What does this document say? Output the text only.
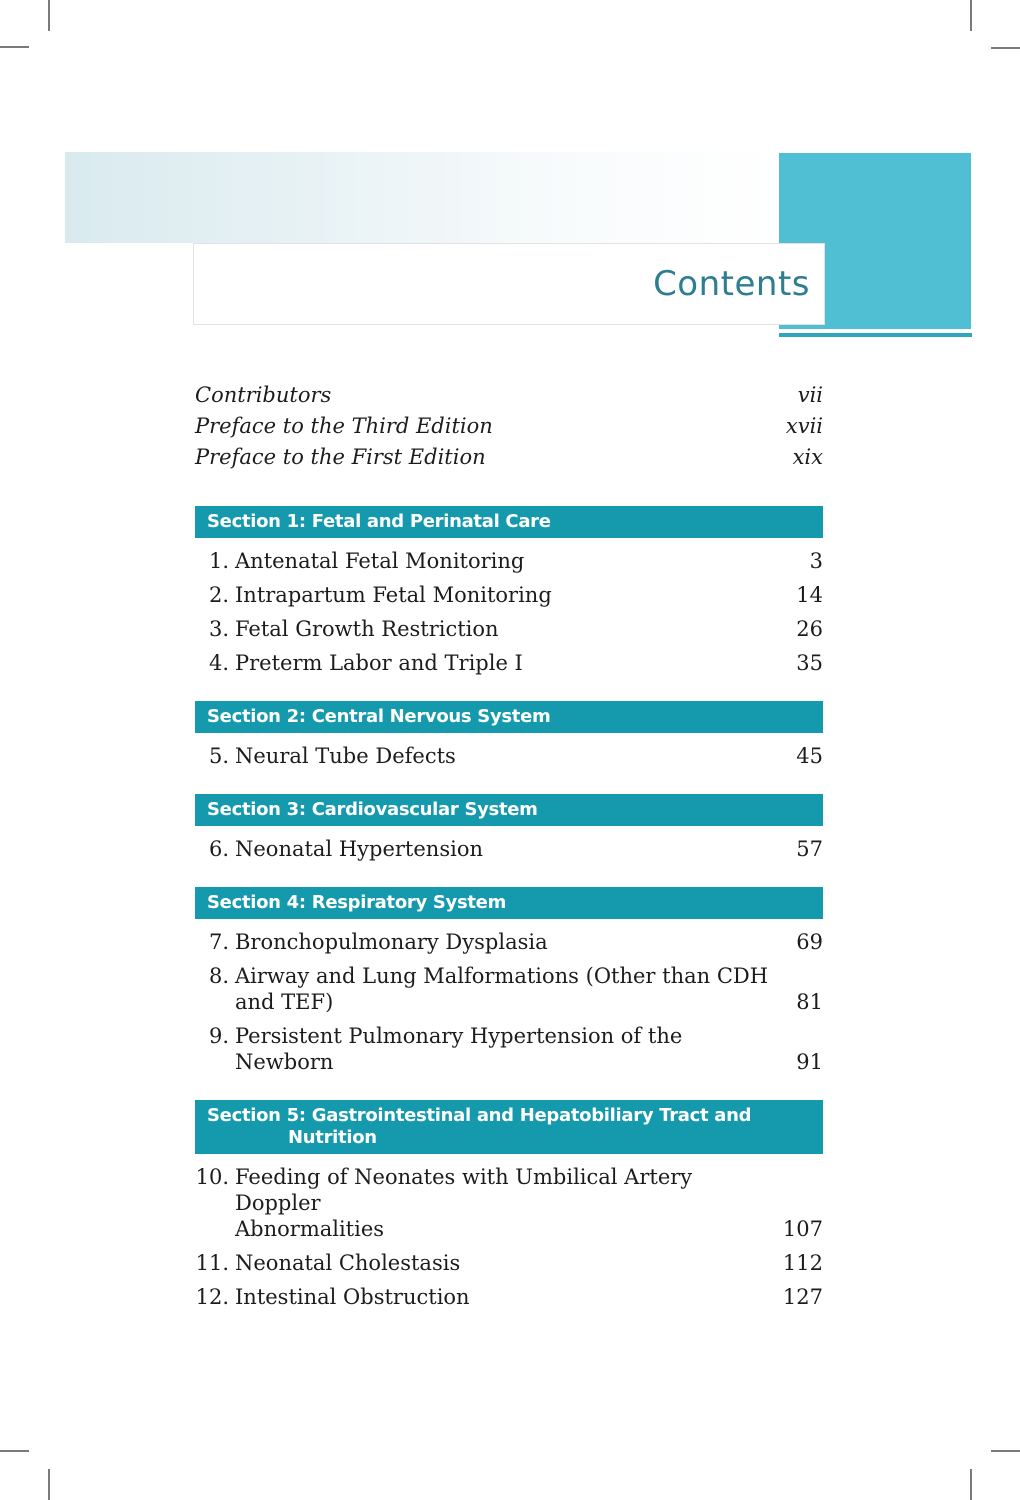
Contents
Contributors	vii
Preface to the Third Edition	xvii
Preface to the First Edition	xix
Section 1: Fetal and Perinatal Care
1. Antenatal Fetal Monitoring	3
2. Intrapartum Fetal Monitoring	14
3. Fetal Growth Restriction	26
4. Preterm Labor and Triple I	35
Section 2: Central Nervous System
5. Neural Tube Defects	45
Section 3: Cardiovascular System
6. Neonatal Hypertension	57
Section 4: Respiratory System
7. Bronchopulmonary Dysplasia	69
8. Airway and Lung Malformations (Other than CDH
and TEF)	81
9. Persistent Pulmonary Hypertension of the Newborn	91
Section 5: Gastrointestinal and Hepatobiliary Tract and
Nutrition
10. Feeding of Neonates with Umbilical Artery Doppler
Abnormalities	107
11. Neonatal Cholestasis	112
12. Intestinal Obstruction	127
